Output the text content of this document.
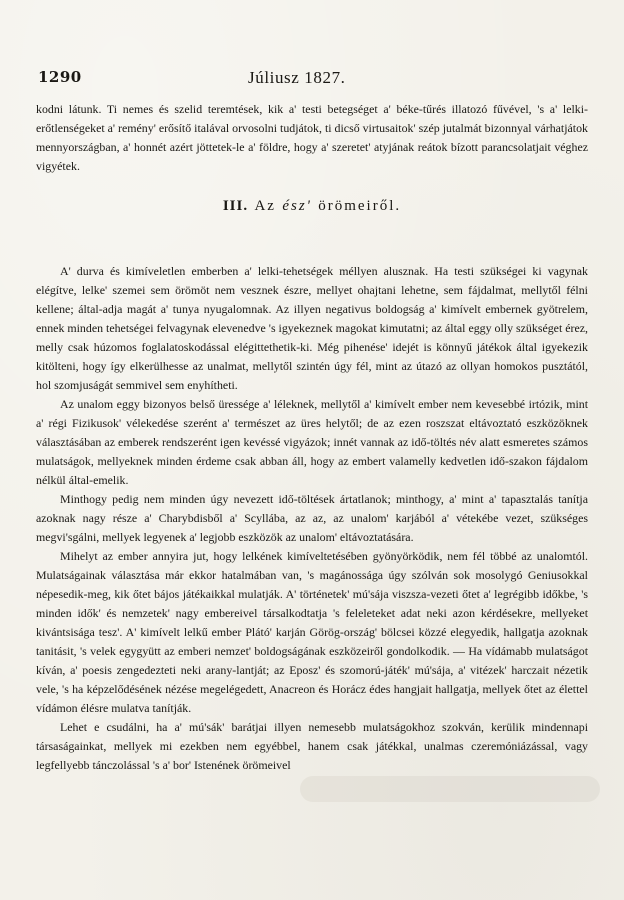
1290	Júliusz 1827.

kodni látunk. Ti nemes és szelid teremtések, kik a' testi betegséget a' béke-tűrés illatozó fűvével, 's a' lelki-erőtlenségeket a' remény' erősítő italával orvosolni tudjátok, ti dicső virtusaitok' szép jutalmát bizonnyal várhatjátok mennyországban, a' honnét azért jöttetek-le a' földre, hogy a' szeretet' atyjának reátok bízott parancsolatjait véghez vigyétek.

III. Az ész' örömeiről.

A' durva és kimíveletlen emberben a' lelki-tehetségek méllyen alusznak. Ha testi szükségei ki vagynak elégítve, lelke' szemei sem örömöt nem vesznek észre, mellyet ohajtani lehetne, sem fájdalmat, mellytől félni kellene; által-adja magát a' tunya nyugalomnak. Az illyen negativus boldogság a' kimívelt embernek gyötrelem, ennek minden tehetségei felvagynak elevenedve 's igyekeznek magokat kimutatni; az által eggy olly szükséget érez, melly csak húzomos foglalatoskodással elégittethetik-ki. Még pihenése' idejét is könnyű játékok által igyekezik kitölteni, hogy így elkerülhesse az unalmat, mellytől szintén úgy fél, mint az útazó az ollyan homokos pusztától, hol szomjuságát semmivel sem enyhítheti.

Az unalom eggy bizonyos belső üressége a' léleknek, mellytől a' kimívelt ember nem kevesebbé irtózik, mint a' régi Fizikusok' vélekedése szerént a' természet az üres helytől; de az ezen roszszat eltávoztató eszközöknek választásában az emberek rendszerént igen kevéssé vigyázok; innét vannak az idő-töltés név alatt esmeretes számos mulatságok, mellyeknek minden érdeme csak abban áll, hogy az embert valamelly kedvetlen idő-szakon fájdalom nélkül által-emelik.

Minthogy pedig nem minden úgy nevezett idő-töltések ártatlanok; minthogy, a' mint a' tapasztalás tanítja azoknak nagy része a' Charybdisből a' Scyllába, az az, az unalom' karjából a' vétekébe vezet, szükséges megvi'sgálni, mellyek legyenek a' legjobb eszközök az unalom' eltávoztatására.

Mihelyt az ember annyira jut, hogy lelkének kimíveltetésében gyönyörködik, nem fél többé az unalomtól. Mulatságainak választása már ekkor hatalmában van, 's magánossága úgy szólván sok mosolygó Geniusokkal népesedik-meg, kik őtet bájos játékaikkal mulatják. A' történetek' mú'sája viszsza-vezeti őtet a' legrégibb időkbe, 's minden idők' és nemzetek' nagy embereivel társalkodtatja 's feleleteket adat neki azon kérdésekre, mellyeket kivántsisága tesz'. A' kimívelt lelkű ember Plátó' karján Görög-ország' bölcsei közzé elegyedik, hallgatja azoknak tanitásit, 's velek egygyütt az emberi nemzet' boldogságának eszközeiről gondolkodik. — Ha vídámabb mulatságot kíván, a' poesis zengedezteti neki arany-lantját; az Eposz' és szomorú-játék' mú'sája, a' vitézek' harczait nézetik vele, 's ha képzelődésének nézése megelégedett, Anacreon és Horácz édes hangjait hallgatja, mellyek őtet az élettel vídámon élésre mulatva tanítják.

Lehet e csudálni, ha a' mú'sák' barátjai illyen nemesebb mulatságokhoz szokván, kerülik mindennapi társaságainkat, mellyek mi ezekben nem egyébbel, hanem csak játékkal, unalmas czeremóniázással, vagy legfellyebb tánczolással 's a' bor' Istenének örömeivel
